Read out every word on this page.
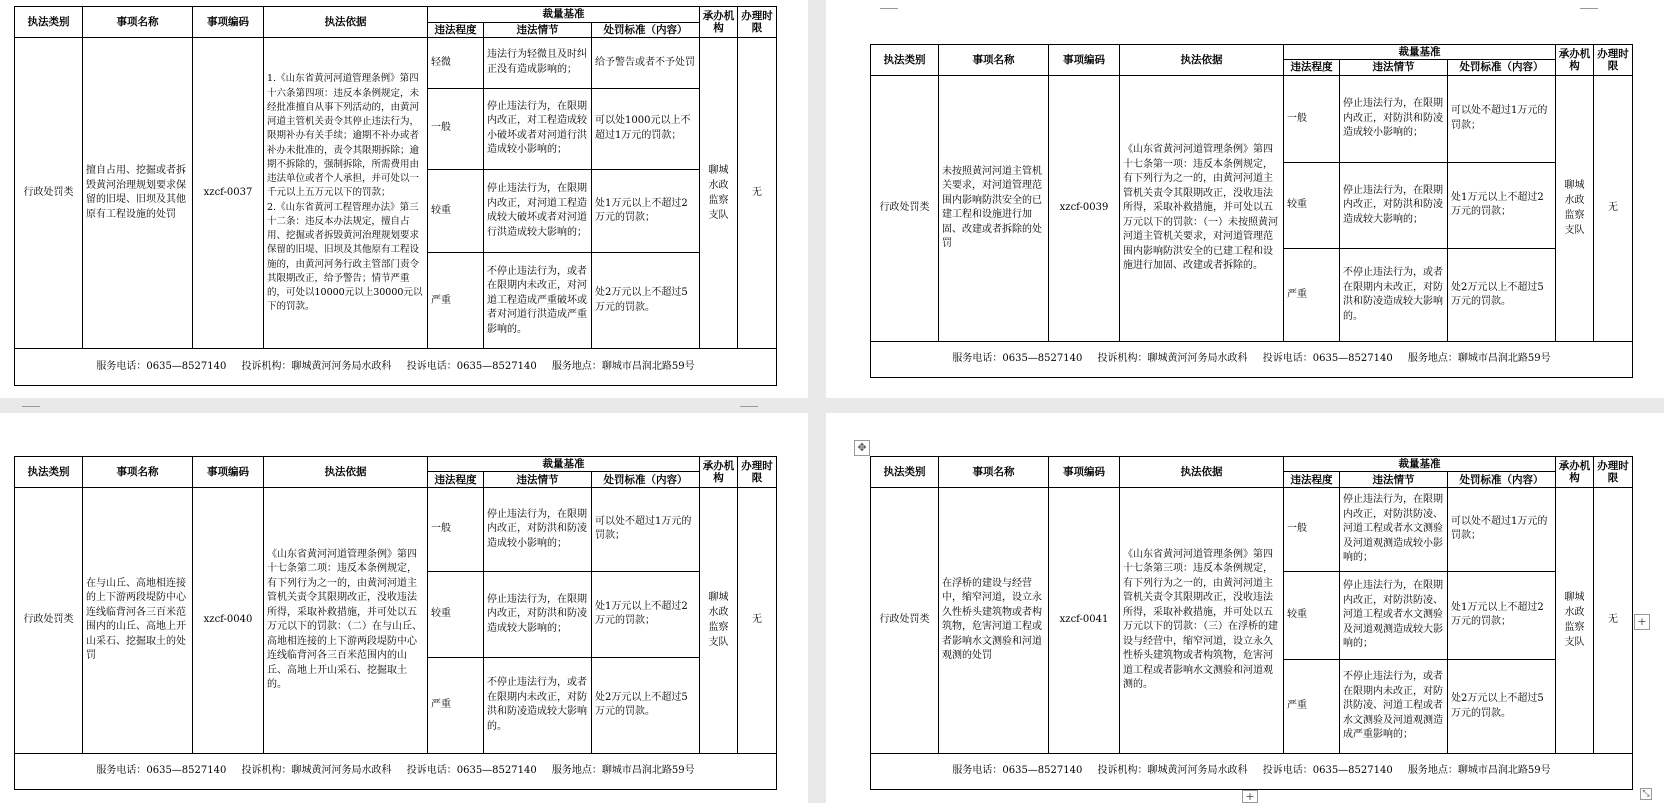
执法类别	事项名称	事项编码	执法依据	裁量基准			承办机构	办理时限
				违法程度	违法情节	处罚标准（内容）		
行政处罚类	擅自占用、挖掘或者拆毁黄河治理规划要求保留的旧堤、旧坝及其他原有工程设施的处罚	xzcf-0037	1.《山东省黄河河道管理条例》第四十六条第四项：违反本条例规定，未经批准擅自从事下列活动的，由黄河河道主管机关责令其停止违法行为，限期补办有关手续；逾期不补办或者补办未批准的，责令其限期拆除；逾期不拆除的，强制拆除，所需费用由违法单位或者个人承担，并可处以一千元以上五万元以下的罚款；
2.《山东省黄河工程管理办法》第三十二条：违反本办法规定，擅自占用、挖掘或者拆毁黄河治理规划要求保留的旧堤、旧坝及其他原有工程设施的，由黄河河务行政主管部门责令其限期改正，给予警告；情节严重的，可处以10000元以上30000元以下的罚款。	轻微	违法行为轻微且及时纠正没有造成影响的；	给予警告或者不予处罚	聊城水政监察支队	无
				一般	停止违法行为，在限期内改正，对工程造成较小破坏或者对河道行洪造成较小影响的；	可以处1000元以上不超过1万元的罚款；		
				较重	停止违法行为，在限期内改正，对河道工程造成较大破坏或者对河道行洪造成较大影响的；	处1万元以上不超过2万元的罚款；		
				严重	不停止违法行为，或者在限期内未改正，对河道工程造成严重破坏或者对河道行洪造成严重影响的。	处2万元以上不超过5万元的罚款。		
服务电话：0635—8527140 投诉机构：聊城黄河河务局水政科 投诉电话：0635—8527140 服务地点：聊城市昌润北路59号								
执法类别	事项名称	事项编码	执法依据	裁量基准			承办机构	办理时限
				违法程度	违法情节	处罚标准（内容）		
行政处罚类	未按照黄河河道主管机关要求，对河道管理范围内影响防洪安全的已建工程和设施进行加固、改建或者拆除的处罚	xzcf-0039	《山东省黄河河道管理条例》第四十七条第一项：违反本条例规定，有下列行为之一的，由黄河河道主管机关责令其限期改正，没收违法所得，采取补救措施，并可处以五万元以下的罚款：（一）未按照黄河河道主管机关要求，对河道管理范围内影响防洪安全的已建工程和设施进行加固、改建或者拆除的。	一般	停止违法行为，在限期内改正，对防洪和防凌造成较小影响的；	可以处不超过1万元的罚款；	聊城水政监察支队	无
				较重	停止违法行为，在限期内改正，对防洪和防凌造成较大影响的；	处1万元以上不超过2万元的罚款；		
				严重	不停止违法行为，或者在限期内未改正，对防洪和防凌造成较大影响的。	处2万元以上不超过5万元的罚款。		
服务电话：0635—8527140 投诉机构：聊城黄河河务局水政科 投诉电话：0635—8527140 服务地点：聊城市昌润北路59号								
执法类别	事项名称	事项编码	执法依据	裁量基准			承办机构	办理时限
				违法程度	违法情节	处罚标准（内容）		
行政处罚类	在与山丘、高地相连接的上下游两段堤防中心连线临背河各三百米范围内的山丘、高地上开山采石、挖掘取土的处罚	xzcf-0040	《山东省黄河河道管理条例》第四十七条第二项：违反本条例规定，有下列行为之一的，由黄河河道主管机关责令其限期改正，没收违法所得，采取补救措施，并可处以五万元以下的罚款：（二）在与山丘、高地相连接的上下游两段堤防中心连线临背河各三百米范围内的山丘、高地上开山采石、挖掘取土的。	一般	停止违法行为，在限期内改正，对防洪和防凌造成较小影响的；	可以处不超过1万元的罚款；	聊城水政监察支队	无
				较重	停止违法行为，在限期内改正，对防洪和防凌造成较大影响的；	处1万元以上不超过2万元的罚款；		
				严重	不停止违法行为，或者在限期内未改正，对防洪和防凌造成较大影响的。	处2万元以上不超过5万元的罚款。		
服务电话：0635—8527140 投诉机构：聊城黄河河务局水政科 投诉电话：0635—8527140 服务地点：聊城市昌润北路59号								
执法类别	事项名称	事项编码	执法依据	裁量基准			承办机构	办理时限
				违法程度	违法情节	处罚标准（内容）		
行政处罚类	在浮桥的建设与经营中，缩窄河道，设立永久性桥头建筑物或者构筑物，危害河道工程或者影响水文测验和河道观测的处罚	xzcf-0041	《山东省黄河河道管理条例》第四十七条第三项：违反本条例规定，有下列行为之一的，由黄河河道主管机关责令其限期改正，没收违法所得，采取补救措施，并可处以五万元以下的罚款：（三）在浮桥的建设与经营中，缩窄河道，设立永久性桥头建筑物或者构筑物，危害河道工程或者影响水文测验和河道观测的。	一般	停止违法行为，在限期内改正，对防洪防凌、河道工程或者水文测验及河道观测造成较小影响的；	可以处不超过1万元的罚款；	聊城水政监察支队	无
				较重	停止违法行为，在限期内改正，对防洪防凌、河道工程或者水文测验及河道观测造成较大影响的；	处1万元以上不超过2万元的罚款；		
				严重	不停止违法行为，或者在限期内未改正，对防洪防凌、河道工程或者水文测验及河道观测造成严重影响的；	处2万元以上不超过5万元的罚款。		
服务电话：0635—8527140 投诉机构：聊城黄河河务局水政科 投诉电话：0635—8527140 服务地点：聊城市昌润北路59号								
✥
+
+	⤡
